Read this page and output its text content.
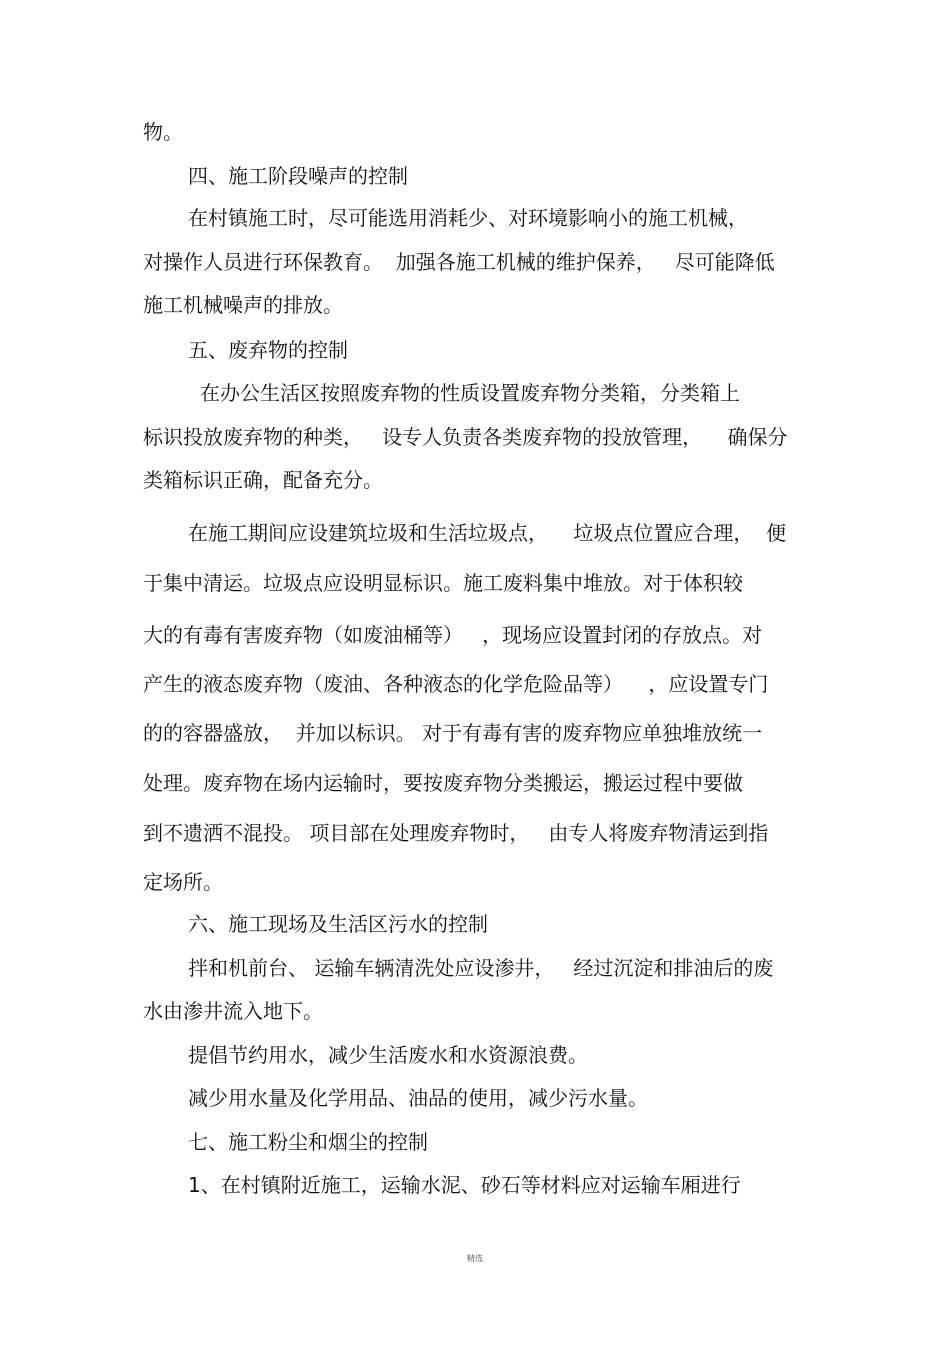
物。

四、施工阶段噪声的控制

在村镇施工时，尽可能选用消耗少、对环境影响小的施工机械，

对操作人员进行环保教育。  加强各施工机械的维护保养，   尽可能降低

施工机械噪声的排放。

五、废弃物的控制

在办公生活区按照废弃物的性质设置废弃物分类箱，分类箱上

标识投放废弃物的种类，   设专人负责各类废弃物的投放管理，    确保分

类箱标识正确，配备充分。

在施工期间应设建筑垃圾和生活垃圾点，    垃圾点位置应合理，  便

于集中清运。垃圾点应设明显标识。施工废料集中堆放。对于体积较

大的有毒有害废弃物（如废油桶等）   ，现场应设置封闭的存放点。对

产生的液态废弃物（废油、各种液态的化学危险品等）    ，应设置专门

的的容器盛放，  并加以标识。 对于有毒有害的废弃物应单独堆放统一

处理。废弃物在场内运输时，要按废弃物分类搬运，搬运过程中要做

到不遗洒不混投。 项目部在处理废弃物时，   由专人将废弃物清运到指

定场所。

六、施工现场及生活区污水的控制

拌和机前台、 运输车辆清洗处应设渗井，   经过沉淀和排油后的废

水由渗井流入地下。

提倡节约用水，减少生活废水和水资源浪费。

减少用水量及化学用品、油品的使用，减少污水量。

七、施工粉尘和烟尘的控制

1、在村镇附近施工，运输水泥、砂石等材料应对运输车厢进行

精选
